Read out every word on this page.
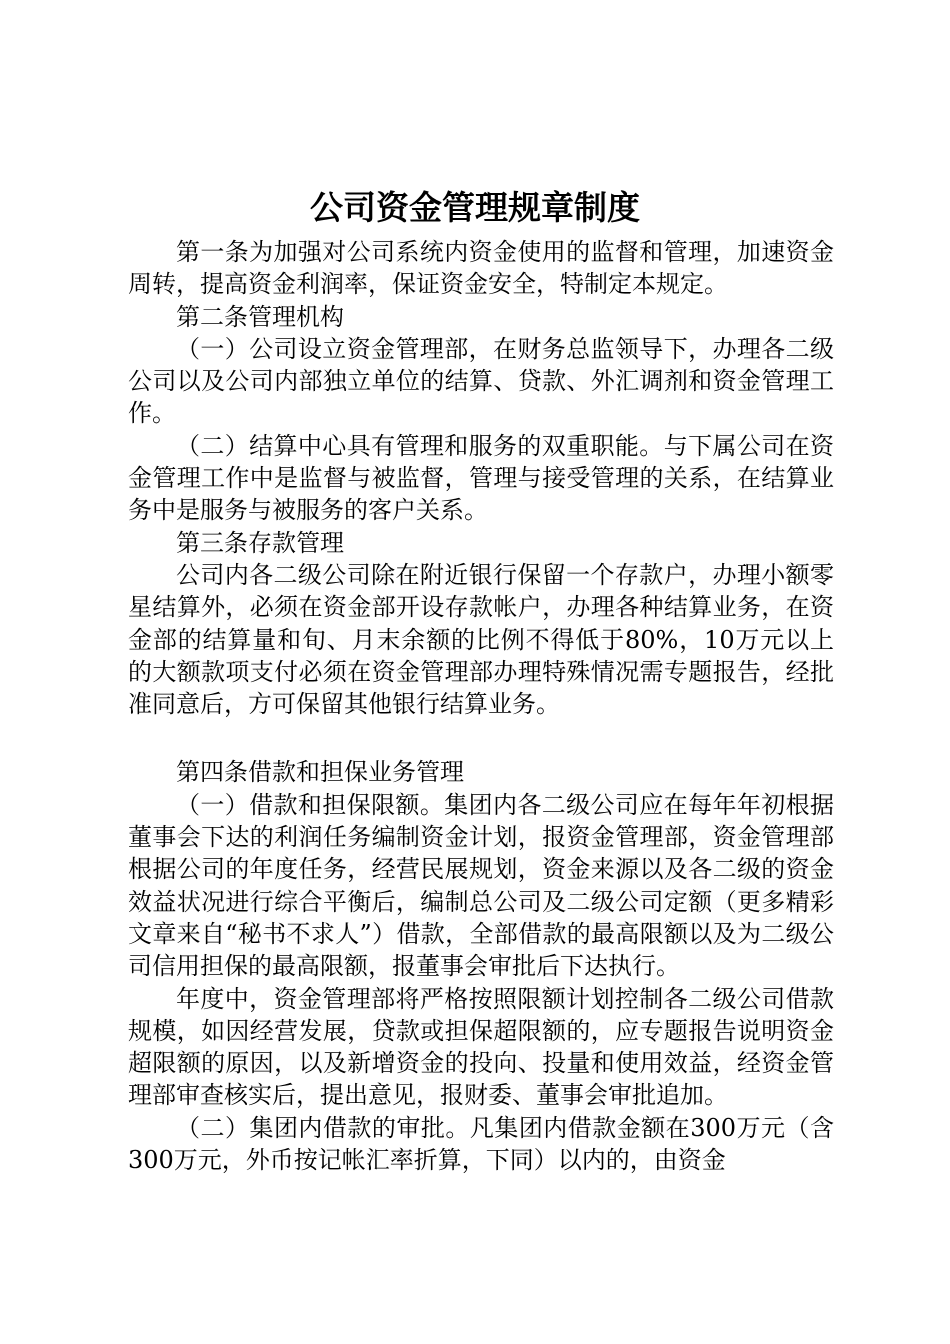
公司资金管理规章制度

第一条为加强对公司系统内资金使用的监督和管理，加速资金周转，提高资金利润率，保证资金安全，特制定本规定。

第二条管理机构

（一）公司设立资金管理部，在财务总监领导下，办理各二级公司以及公司内部独立单位的结算、贷款、外汇调剂和资金管理工作。

（二）结算中心具有管理和服务的双重职能。与下属公司在资金管理工作中是监督与被监督，管理与接受管理的关系，在结算业务中是服务与被服务的客户关系。

第三条存款管理

公司内各二级公司除在附近银行保留一个存款户，办理小额零星结算外，必须在资金部开设存款帐户，办理各种结算业务，在资金部的结算量和旬、月末余额的比例不得低于80%，10万元以上的大额款项支付必须在资金管理部办理特殊情况需专题报告，经批准同意后，方可保留其他银行结算业务。

第四条借款和担保业务管理

（一）借款和担保限额。集团内各二级公司应在每年年初根据董事会下达的利润任务编制资金计划，报资金管理部，资金管理部根据公司的年度任务，经营民展规划，资金来源以及各二级的资金效益状况进行综合平衡后，编制总公司及二级公司定额（更多精彩文章来自“秘书不求人”）借款，全部借款的最高限额以及为二级公司信用担保的最高限额，报董事会审批后下达执行。

年度中，资金管理部将严格按照限额计划控制各二级公司借款规模，如因经营发展，贷款或担保超限额的，应专题报告说明资金超限额的原因，以及新增资金的投向、投量和使用效益，经资金管理部审查核实后，提出意见，报财委、董事会审批追加。

（二）集团内借款的审批。凡集团内借款金额在300万元（含300万元，外币按记帐汇率折算，下同）以内的，由资金
